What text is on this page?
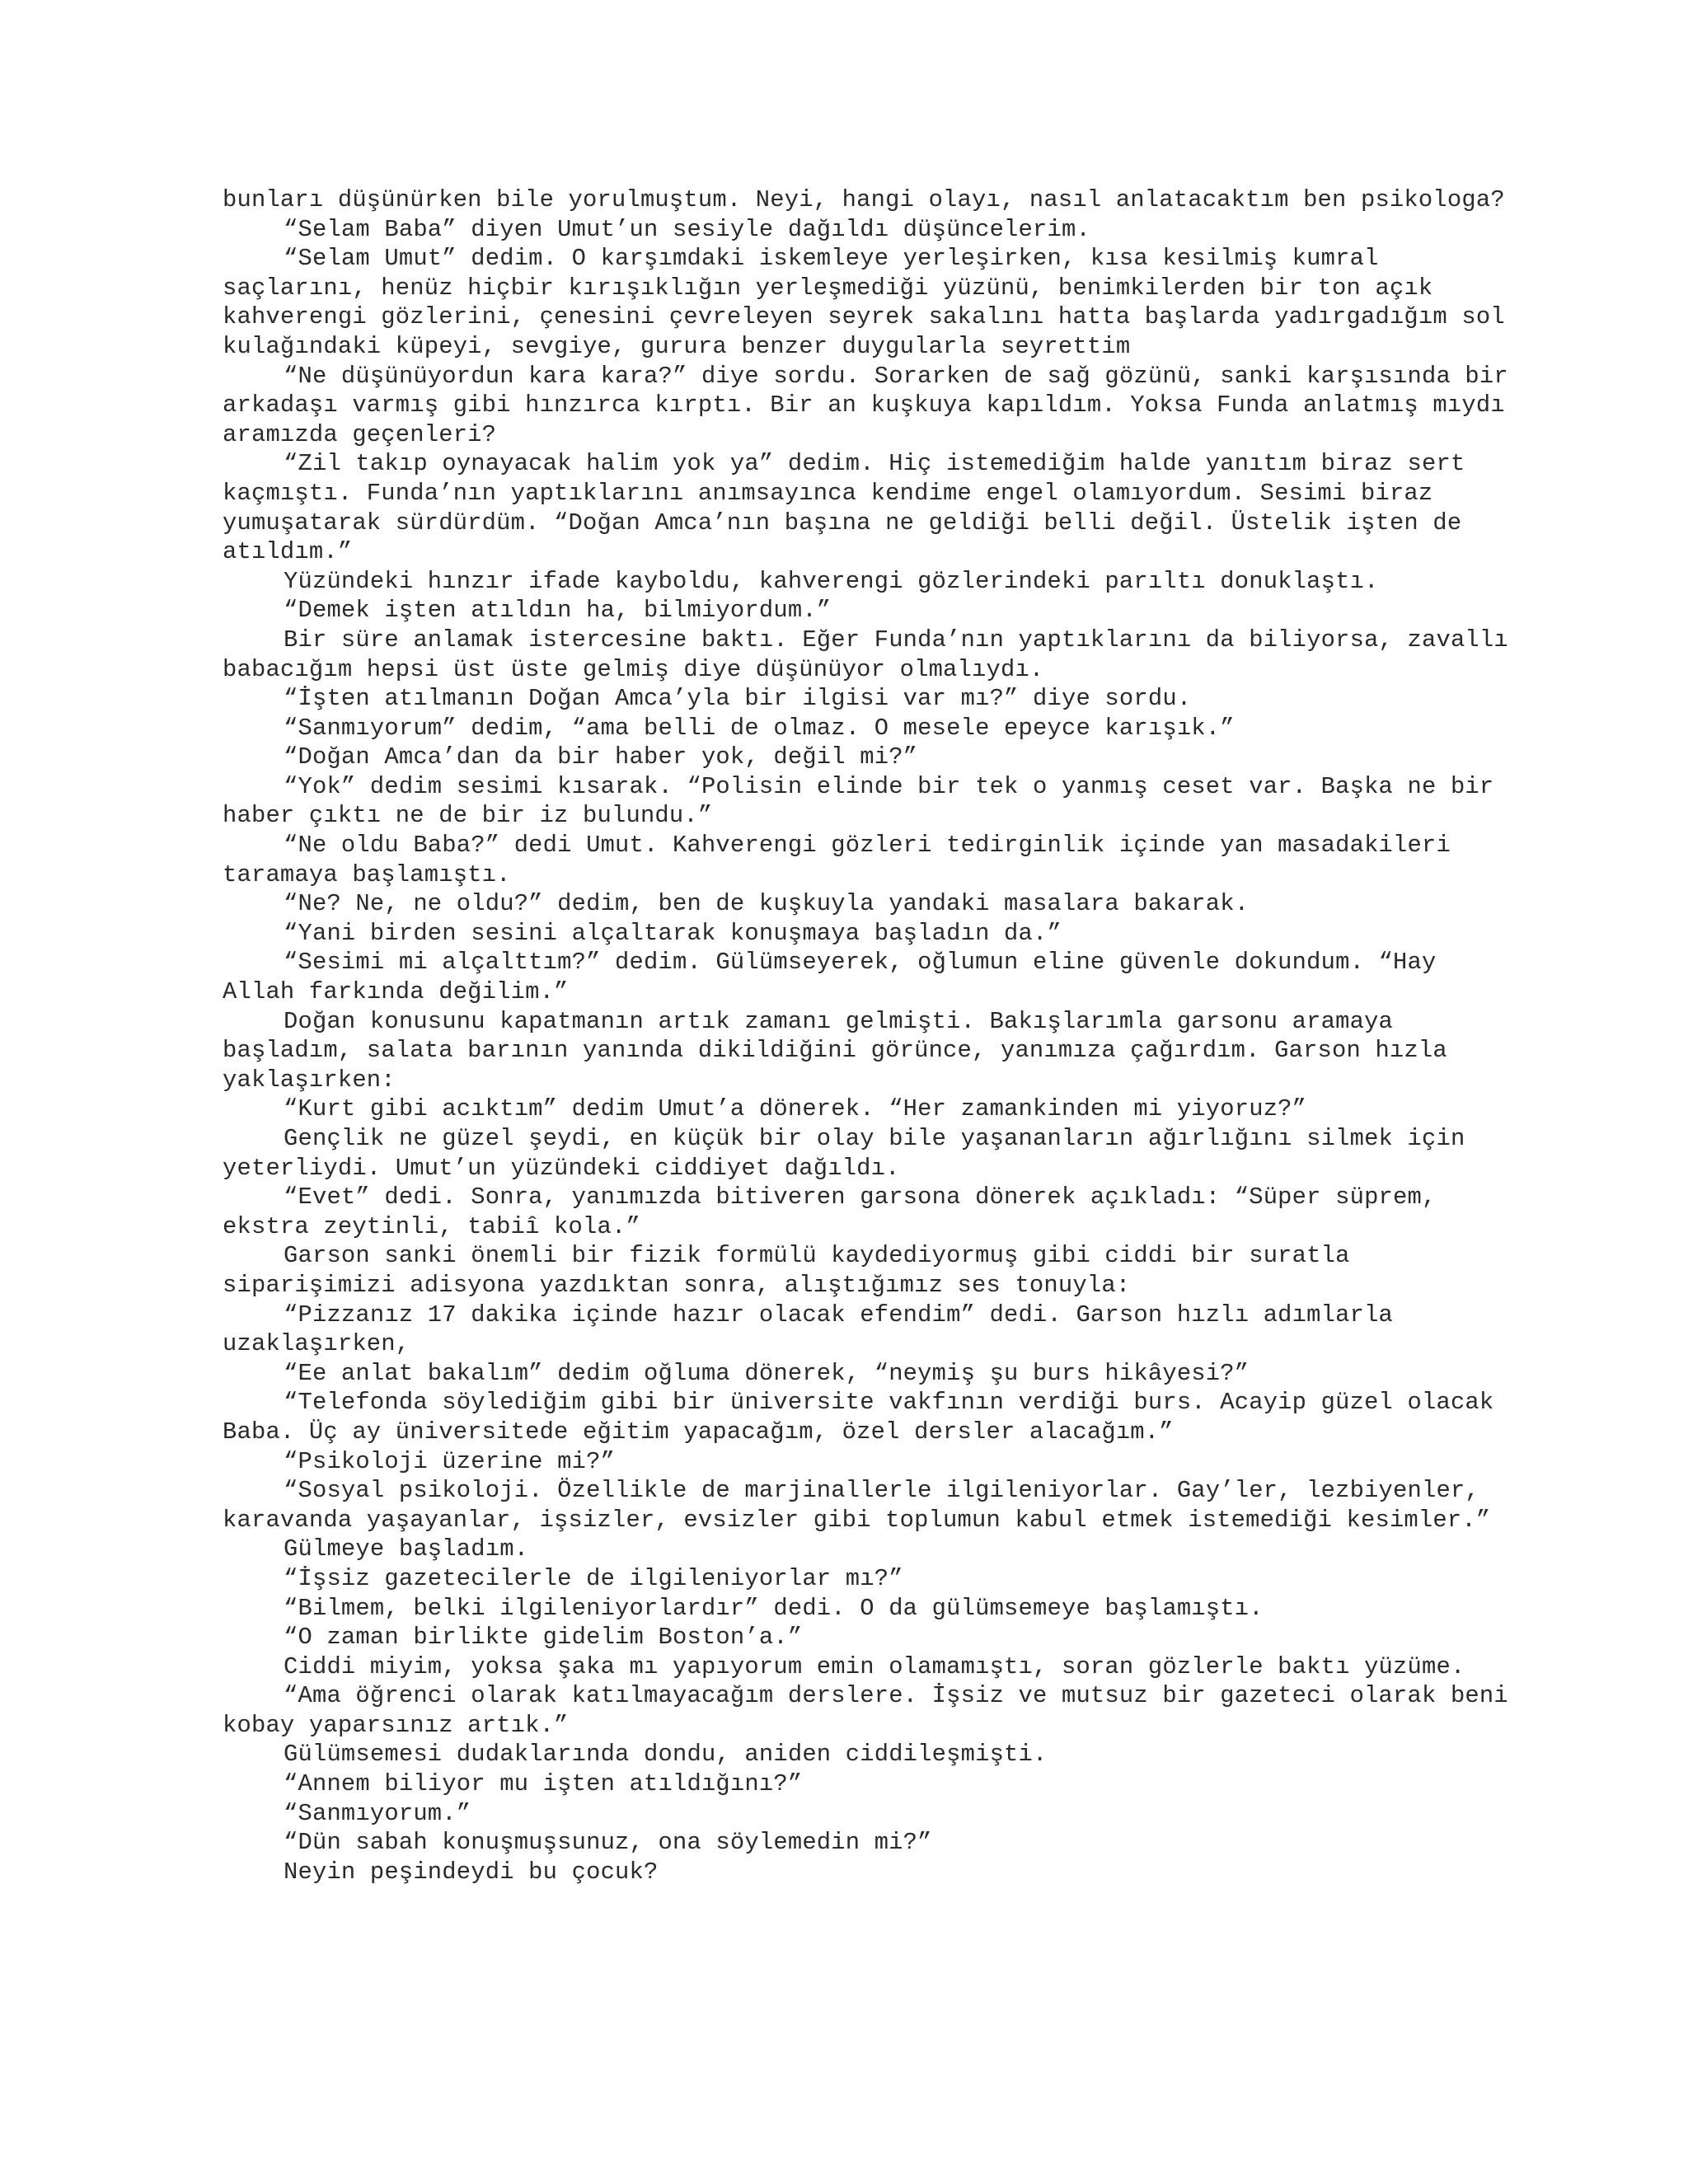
bunları düşünürken bile yorulmuştum. Neyi, hangi olayı, nasıl anlatacaktım ben psikologa?

“Selam Baba” diyen Umut’un sesiyle dağıldı düşüncelerim.

“Selam Umut” dedim. O karşımdaki iskemleye yerleşirken, kısa kesilmiş kumral saçlarını, henüz hiçbir kırışıklığın yerleşmediği yüzünü, benimkilerden bir ton açık kahverengi gözlerini, çenesini çevreleyen seyrek sakalını hatta başlarda yadırgadığım sol kulağındaki küpeyi, sevgiye, gurura benzer duygularla seyrettim

“Ne düşünüyordun kara kara?” diye sordu. Sorarken de sağ gözünü, sanki karşısında bir arkadaşı varmış gibi hınzırca kırptı. Bir an kuşkuya kapıldım. Yoksa Funda anlatmış mıydı aramızda geçenleri?

“Zil takıp oynayacak halim yok ya” dedim. Hiç istemediğim halde yanıtım biraz sert kaçmıştı. Funda’nın yaptıklarını anımsayınca kendime engel olamıyordum. Sesimi biraz yumuşatarak sürdürdüm. “Doğan Amca’nın başına ne geldiği belli değil. Üstelik işten de atıldım.”

Yüzündeki hınzır ifade kayboldu, kahverengi gözlerindeki parıltı donuklaştı.

“Demek işten atıldın ha, bilmiyordum.”

Bir süre anlamak istercesine baktı. Eğer Funda’nın yaptıklarını da biliyorsa, zavallı babacığım hepsi üst üste gelmiş diye düşünüyor olmalıydı.

“İşten atılmanın Doğan Amca’yla bir ilgisi var mı?” diye sordu.

“Sanmıyorum” dedim, “ama belli de olmaz. O mesele epeyce karışık.”

“Doğan Amca’dan da bir haber yok, değil mi?”

“Yok” dedim sesimi kısarak. “Polisin elinde bir tek o yanmış ceset var. Başka ne bir haber çıktı ne de bir iz bulundu.”

“Ne oldu Baba?” dedi Umut. Kahverengi gözleri tedirginlik içinde yan masadakileri taramaya başlamıştı.

“Ne? Ne, ne oldu?” dedim, ben de kuşkuyla yandaki masalara bakarak.

“Yani birden sesini alçaltarak konuşmaya başladın da.”

“Sesimi mi alçalttım?” dedim. Gülümseyerek, oğlumun eline güvenle dokundum. “Hay Allah farkında değilim.”

Doğan konusunu kapatmanın artık zamanı gelmişti. Bakışlarımla garsonu aramaya başladım, salata barının yanında dikildiğini görünce, yanımıza çağırdım. Garson hızla yaklaşırken:

“Kurt gibi acıktım” dedim Umut’a dönerek. “Her zamankinden mi yiyoruz?”

Gençlik ne güzel şeydi, en küçük bir olay bile yaşananların ağırlığını silmek için yeterliydi. Umut’un yüzündeki ciddiyet dağıldı.

“Evet” dedi. Sonra, yanımızda bitiveren garsona dönerek açıkladı: “Süper süprem, ekstra zeytinli, tabiî kola.”

Garson sanki önemli bir fizik formülü kaydediyormuş gibi ciddi bir suratla siparişimizi adisyona yazdıktan sonra, alıştığımız ses tonuyla:

“Pizzanız 17 dakika içinde hazır olacak efendim” dedi. Garson hızlı adımlarla uzaklaşırken,

“Ee anlat bakalım” dedim oğluma dönerek, “neymiş şu burs hikâyesi?”

“Telefonda söylediğim gibi bir üniversite vakfının verdiği burs. Acayip güzel olacak Baba. Üç ay üniversitede eğitim yapacağım, özel dersler alacağım.”

“Psikoloji üzerine mi?”

“Sosyal psikoloji. Özellikle de marjinallerle ilgileniyorlar. Gay’ler, lezbiyenler, karavanda yaşayanlar, işsizler, evsizler gibi toplumun kabul etmek istemediği kesimler.”

Gülmeye başladım.

“İşsiz gazetecilerle de ilgileniyorlar mı?”

“Bilmem, belki ilgileniyorlardır” dedi. O da gülümsemeye başlamıştı.

“O zaman birlikte gidelim Boston’a.”

Ciddi miyim, yoksa şaka mı yapıyorum emin olamamıştı, soran gözlerle baktı yüzüme.

“Ama öğrenci olarak katılmayacağım derslere. İşsiz ve mutsuz bir gazeteci olarak beni kobay yaparsınız artık.”

Gülümsemesi dudaklarında dondu, aniden ciddileşmişti.

“Annem biliyor mu işten atıldığını?”

“Sanmıyorum.”

“Dün sabah konuşmuşsunuz, ona söylemedin mi?”

Neyin peşindeydi bu çocuk?
